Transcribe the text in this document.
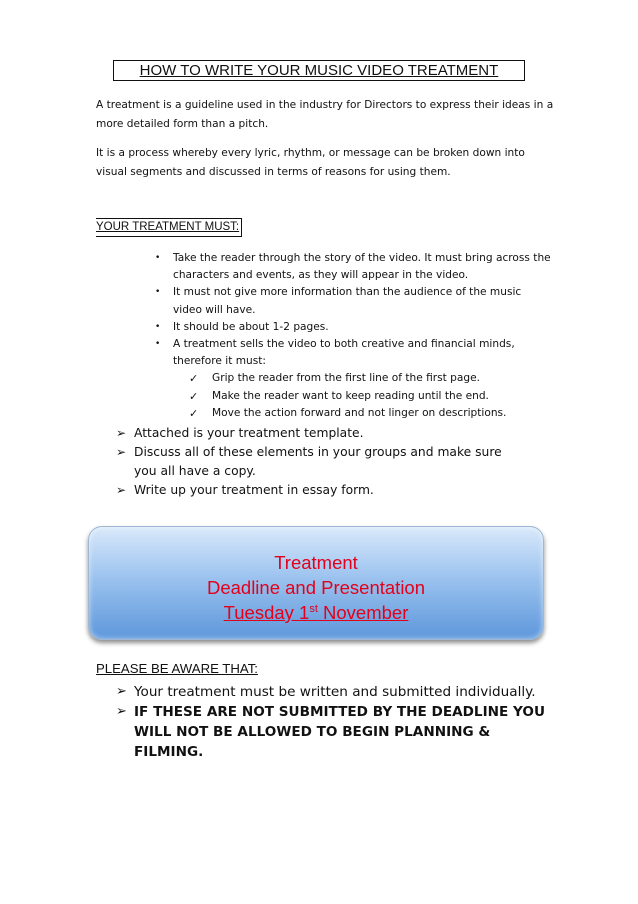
HOW TO WRITE YOUR MUSIC VIDEO TREATMENT

A treatment is a guideline used in the industry for Directors to express their ideas in a more detailed form than a pitch.

It is a process whereby every lyric, rhythm, or message can be broken down into visual segments and discussed in terms of reasons for using them.

YOUR TREATMENT MUST:
• Take the reader through the story of the video. It must bring across the characters and events, as they will appear in the video.
• It must not give more information than the audience of the music video will have.
• It should be about 1-2 pages.
• A treatment sells the video to both creative and financial minds, therefore it must:
✓ Grip the reader from the first line of the first page.
✓ Make the reader want to keep reading until the end.
✓ Move the action forward and not linger on descriptions.
➢ Attached is your treatment template.
➢ Discuss all of these elements in your groups and make sure you all have a copy.
➢ Write up your treatment in essay form.
Treatment
Deadline and Presentation
Tuesday 1st November
PLEASE BE AWARE THAT:
➢ Your treatment must be written and submitted individually.
➢ IF THESE ARE NOT SUBMITTED BY THE DEADLINE YOU WILL NOT BE ALLOWED TO BEGIN PLANNING & FILMING.
